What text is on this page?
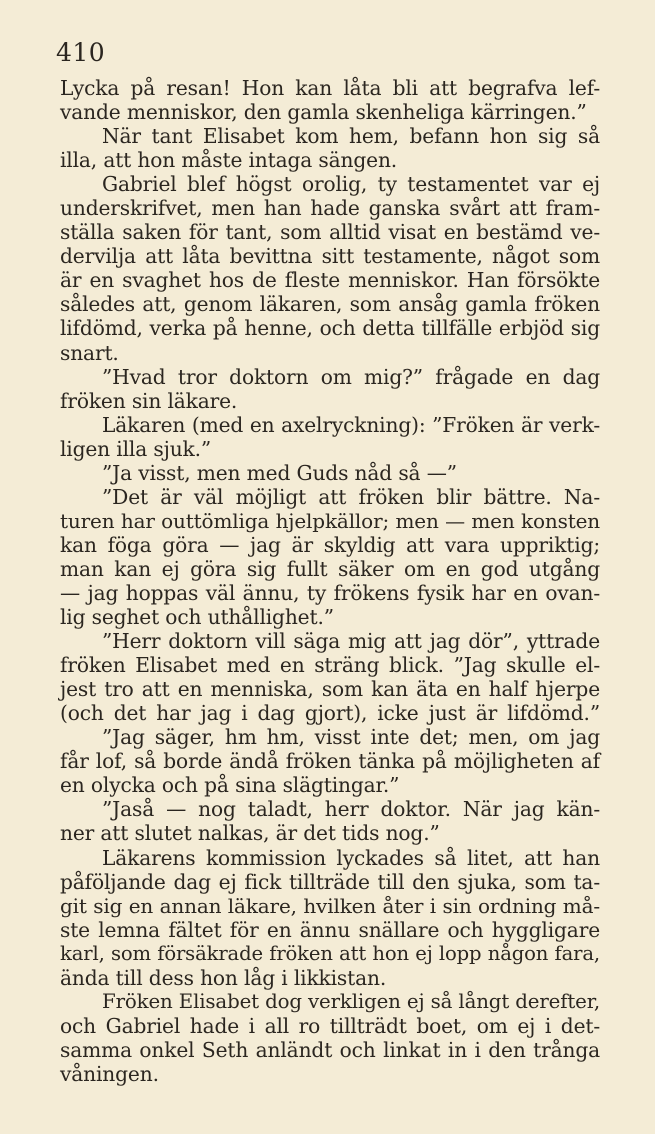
410
Lycka på resan! Hon kan låta bli att begrafva lef-
vande menniskor, den gamla skenheliga kärringen.”
När tant Elisabet kom hem, befann hon sig så
illa, att hon måste intaga sängen.
Gabriel blef högst orolig, ty testamentet var ej
underskrifvet, men han hade ganska svårt att fram-
ställa saken för tant, som alltid visat en bestämd ve-
dervilja att låta bevittna sitt testamente, något som
är en svaghet hos de fleste menniskor. Han försökte
således att, genom läkaren, som ansåg gamla fröken
lifdömd, verka på henne, och detta tillfälle erbjöd sig
snart.
”Hvad tror doktorn om mig?” frågade en dag
fröken sin läkare.
Läkaren (med en axelryckning): ”Fröken är verk-
ligen illa sjuk.”
”Ja visst, men med Guds nåd så —”
”Det är väl möjligt att fröken blir bättre. Na-
turen har outtömliga hjelpkällor; men — men konsten
kan föga göra — jag är skyldig att vara uppriktig;
man kan ej göra sig fullt säker om en god utgång
— jag hoppas väl ännu, ty frökens fysik har en ovan-
lig seghet och uthållighet.”
”Herr doktorn vill säga mig att jag dör”, yttrade
fröken Elisabet med en sträng blick. ”Jag skulle el-
jest tro att en menniska, som kan äta en half hjerpe
(och det har jag i dag gjort), icke just är lifdömd.”
”Jag säger, hm hm, visst inte det; men, om jag
får lof, så borde ändå fröken tänka på möjligheten af
en olycka och på sina slägtingar.”
”Jaså — nog taladt, herr doktor. När jag kän-
ner att slutet nalkas, är det tids nog.”
Läkarens kommission lyckades så litet, att han
påföljande dag ej fick tillträde till den sjuka, som ta-
git sig en annan läkare, hvilken åter i sin ordning må-
ste lemna fältet för en ännu snällare och hyggligare
karl, som försäkrade fröken att hon ej lopp någon fara,
ända till dess hon låg i likkistan.
Fröken Elisabet dog verkligen ej så långt derefter,
och Gabriel hade i all ro tillträdt boet, om ej i det-
samma onkel Seth anländt och linkat in i den trånga
våningen.
